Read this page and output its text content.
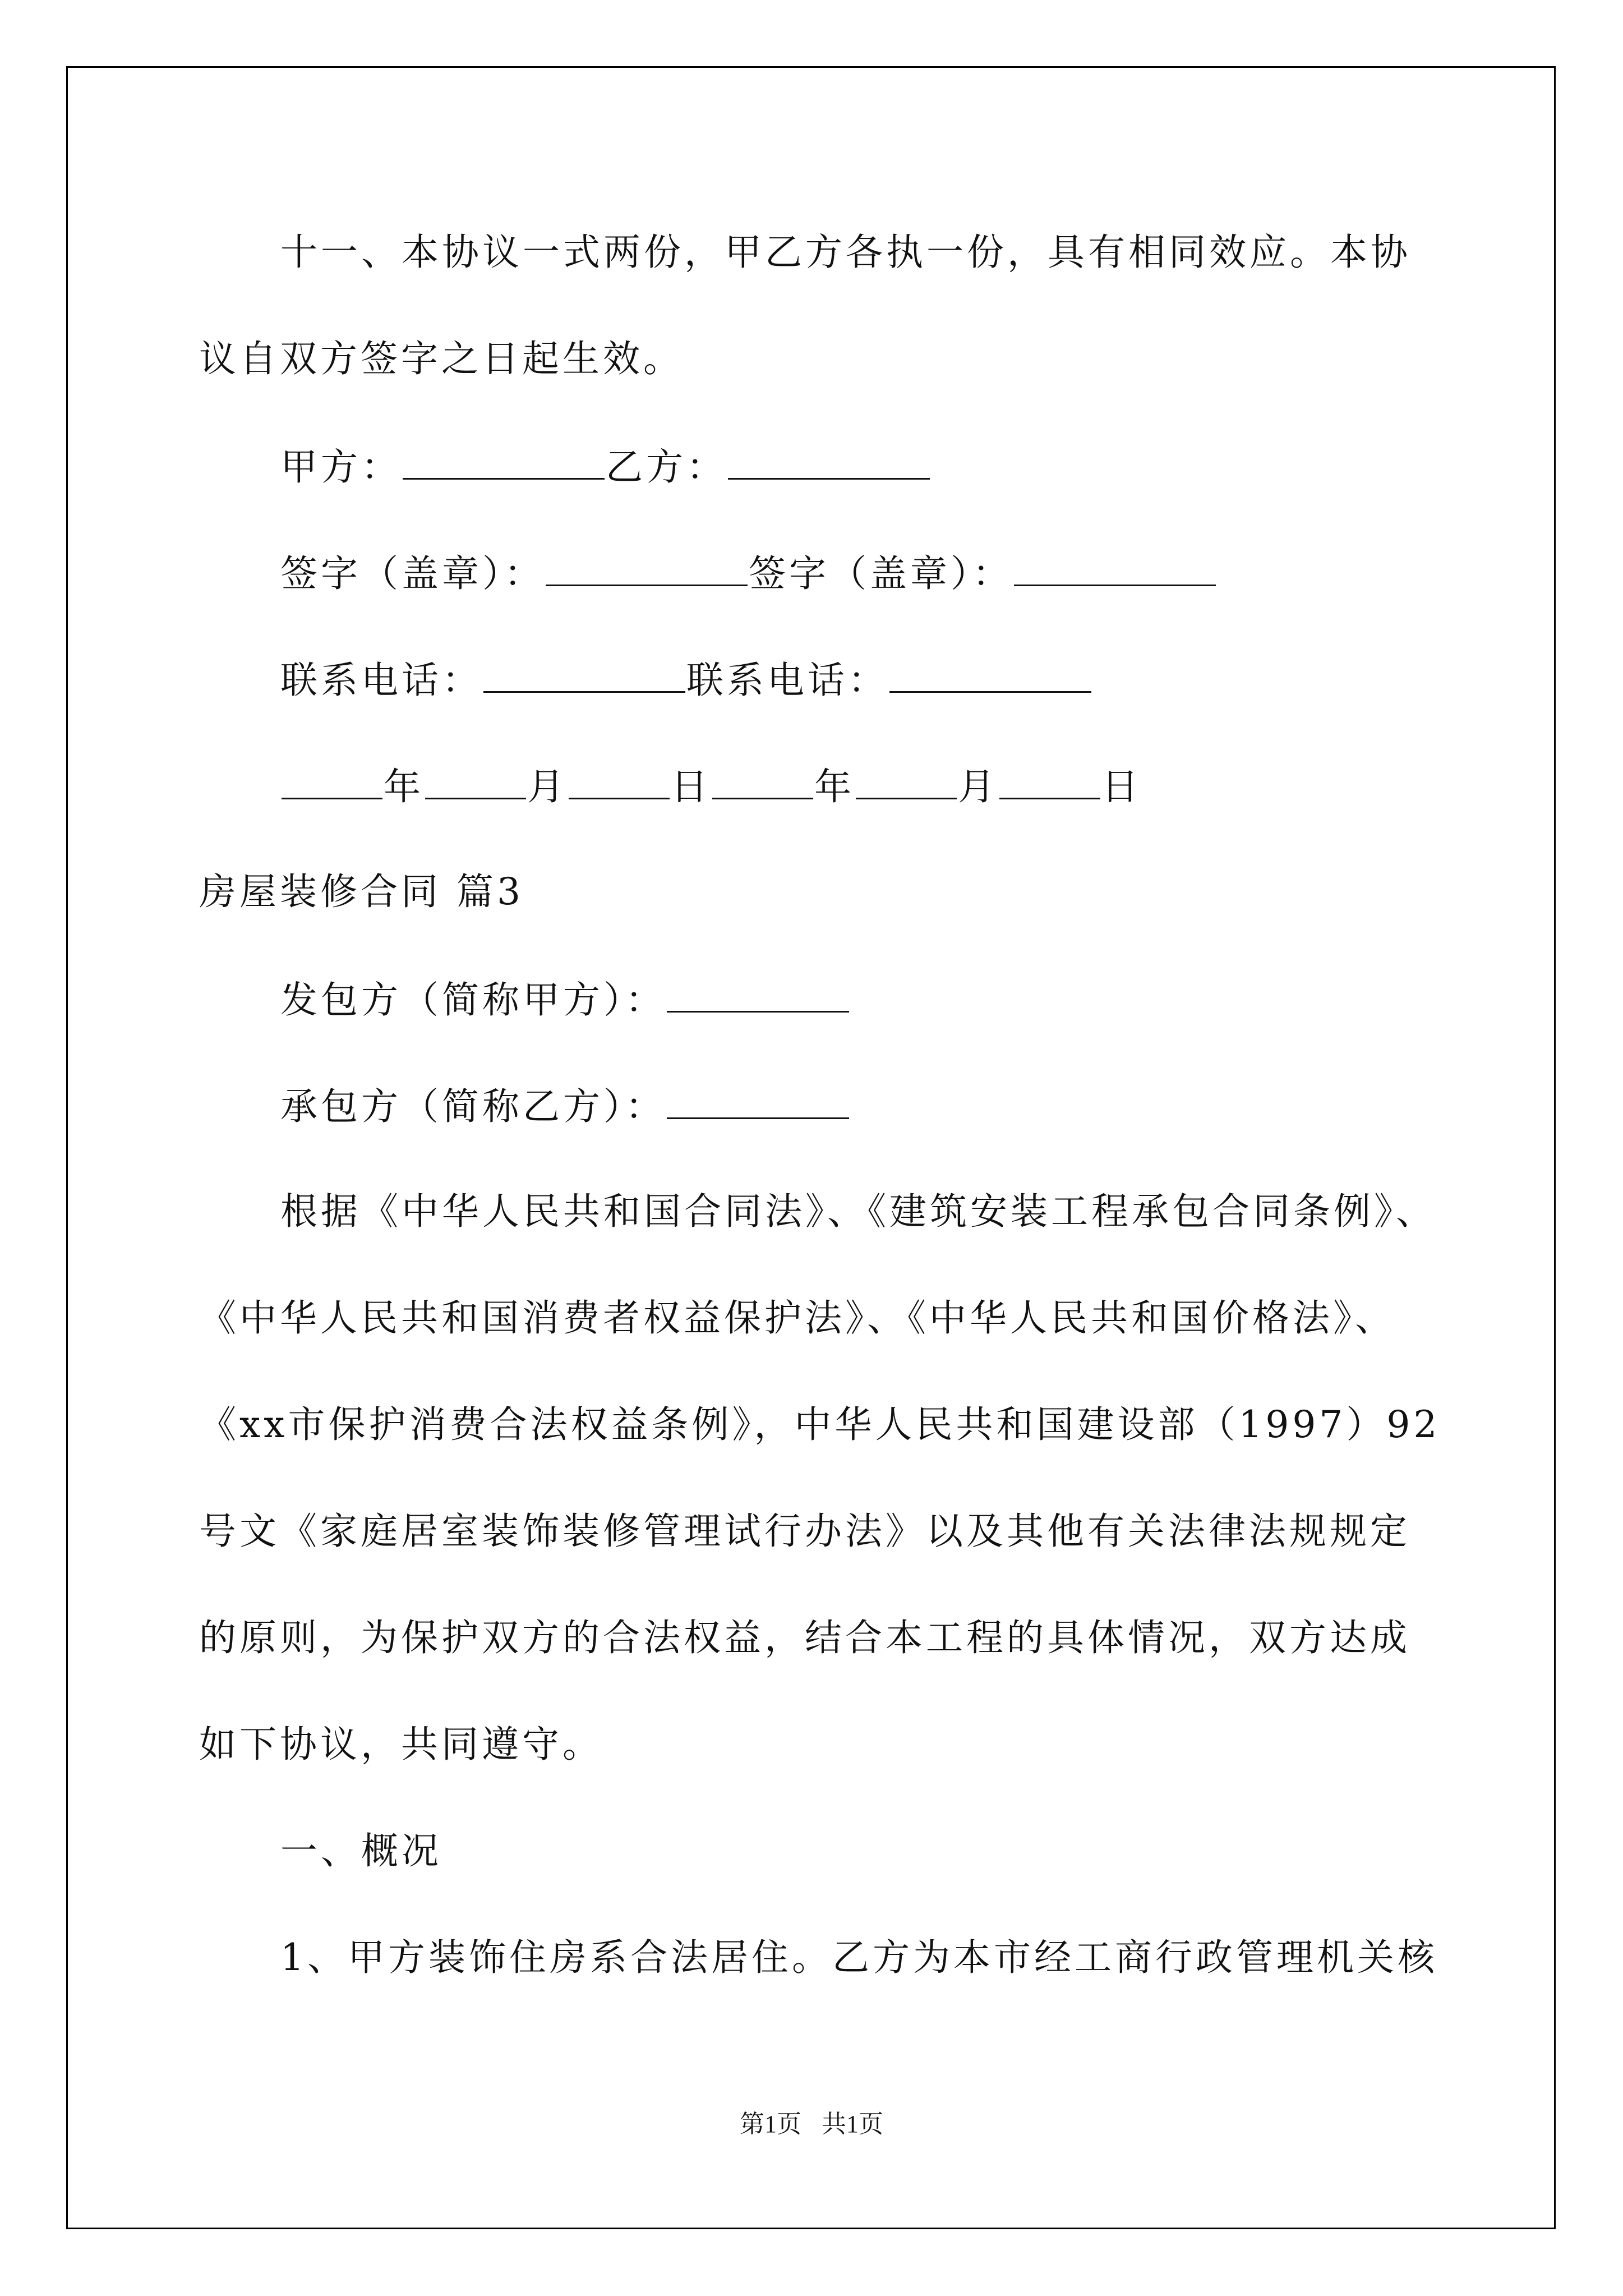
十一、本协议一式两份，甲乙方各执一份，具有相同效应。本协
议自双方签字之日起生效。
甲方：	乙方：
签字（盖章）：	签字（盖章）：
联系电话：	联系电话：
年	月	日	年	月	日
房屋装修合同 篇3
发包方（简称甲方）：
承包方（简称乙方）：
根据《中华人民共和国合同法》、《建筑安装工程承包合同条例》、
《中华人民共和国消费者权益保护法》、《中华人民共和国价格法》、
《xx市保护消费合法权益条例》，中华人民共和国建设部（1997）92
号文《家庭居室装饰装修管理试行办法》以及其他有关法律法规规定
的原则，为保护双方的合法权益，结合本工程的具体情况，双方达成
如下协议，共同遵守。
一、概况
1、甲方装饰住房系合法居住。乙方为本市经工商行政管理机关核
第1页 共1页
